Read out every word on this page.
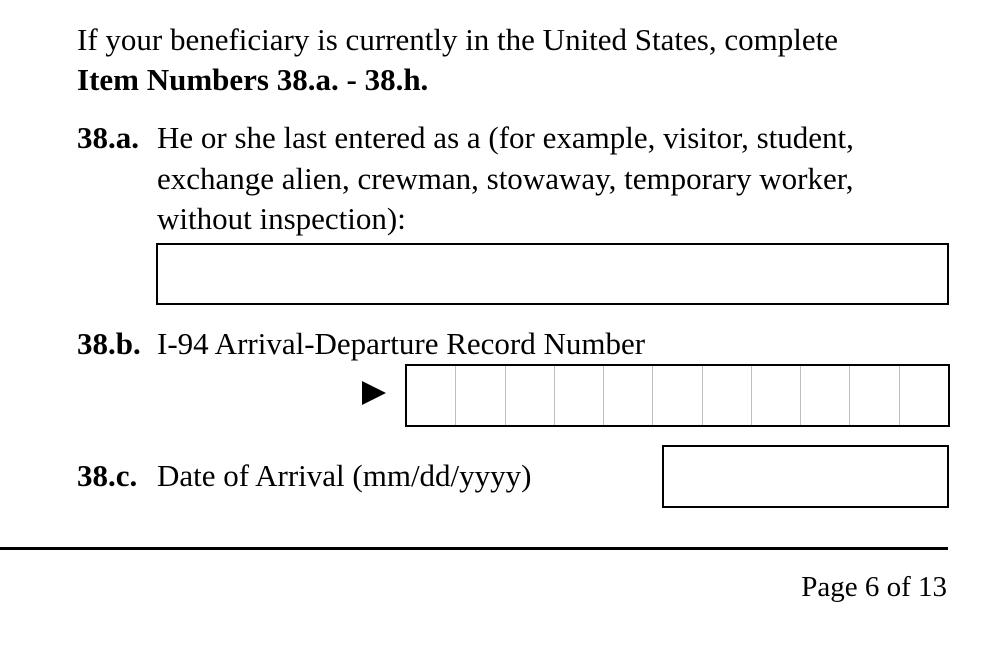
If your beneficiary is currently in the United States, complete
Item Numbers 38.a. - 38.h.
38.a. He or she last entered as a (for example, visitor, student,
exchange alien, crewman, stowaway, temporary worker,
without inspection):
38.b. I-94 Arrival-Departure Record Number
38.c. Date of Arrival (mm/dd/yyyy)
Page 6 of 13
